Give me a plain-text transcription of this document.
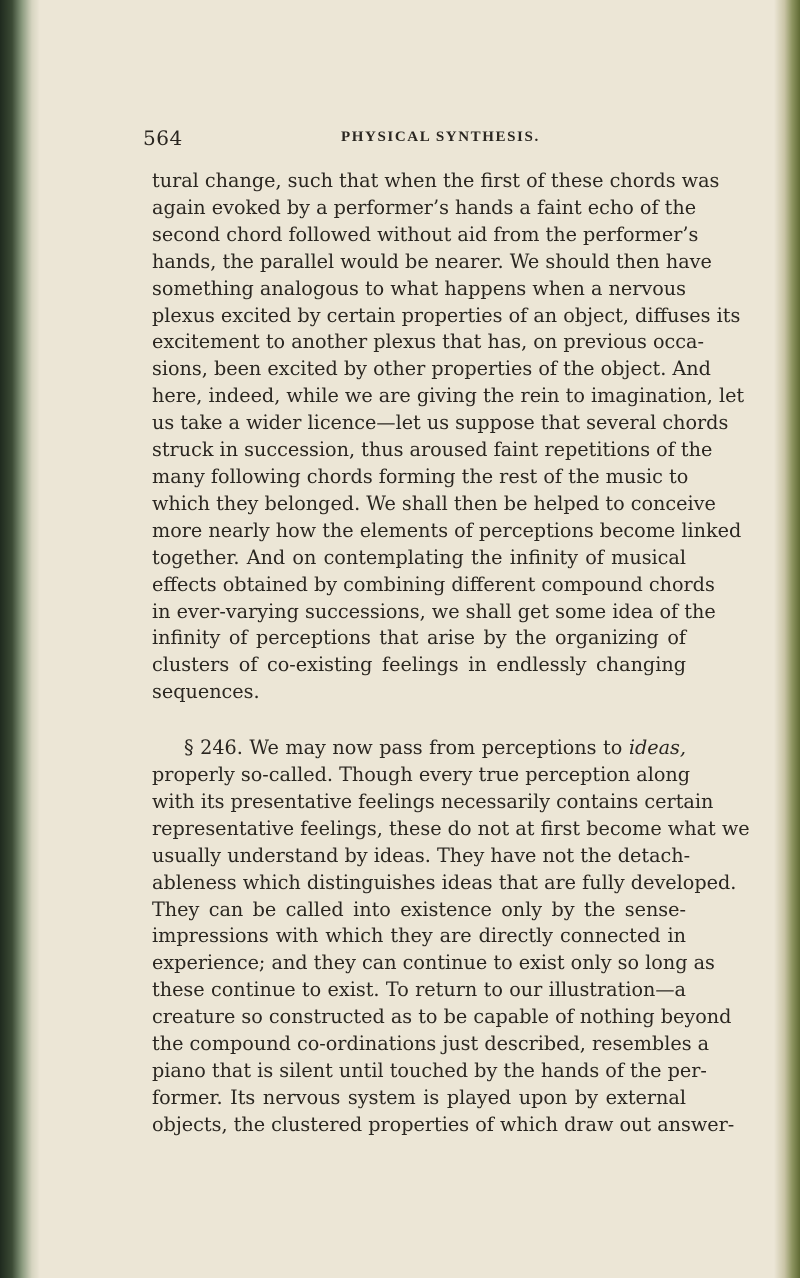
564	PHYSICAL SYNTHESIS.
tural change, such that when the first of these chords was
again evoked by a performer’s hands a faint echo of the
second chord followed without aid from the performer’s
hands, the parallel would be nearer. We should then have
something analogous to what happens when a nervous
plexus excited by certain properties of an object, diffuses its
excitement to another plexus that has, on previous occa-
sions, been excited by other properties of the object. And
here, indeed, while we are giving the rein to imagination, let
us take a wider licence—let us suppose that several chords
struck in succession, thus aroused faint repetitions of the
many following chords forming the rest of the music to
which they belonged. We shall then be helped to conceive
more nearly how the elements of perceptions become linked
together. And on contemplating the infinity of musical
effects obtained by combining different compound chords
in ever-varying successions, we shall get some idea of the
infinity of perceptions that arise by the organizing of
clusters of co-existing feelings in endlessly changing
sequences.
§ 246. We may now pass from perceptions to ideas,
properly so-called. Though every true perception along
with its presentative feelings necessarily contains certain
representative feelings, these do not at first become what we
usually understand by ideas. They have not the detach-
ableness which distinguishes ideas that are fully developed.
They can be called into existence only by the sense-
impressions with which they are directly connected in
experience; and they can continue to exist only so long as
these continue to exist. To return to our illustration—a
creature so constructed as to be capable of nothing beyond
the compound co-ordinations just described, resembles a
piano that is silent until touched by the hands of the per-
former. Its nervous system is played upon by external
objects, the clustered properties of which draw out answer-
